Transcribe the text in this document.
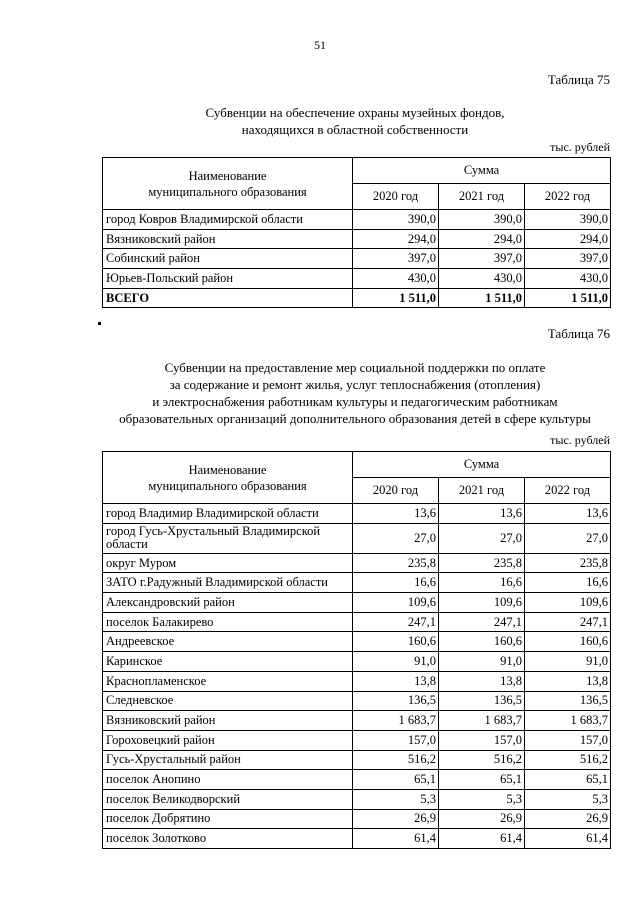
51
Таблица 75
Субвенции на обеспечение охраны музейных фондов,
находящихся в областной собственности
тыс. рублей
Наименование
муниципального образования	Сумма		
	2020 год	2021 год	2022 год
город Ковров Владимирской области	390,0	390,0	390,0
Вязниковский район	294,0	294,0	294,0
Собинский район	397,0	397,0	397,0
Юрьев-Польский район	430,0	430,0	430,0
ВСЕГО	1 511,0	1 511,0	1 511,0
Таблица 76
Субвенции на предоставление мер социальной поддержки по оплате
за содержание и ремонт жилья, услуг теплоснабжения (отопления)
и электроснабжения работникам культуры и педагогическим работникам
образовательных организаций дополнительного образования детей в сфере культуры
тыс. рублей
Наименование
муниципального образования	Сумма		
	2020 год	2021 год	2022 год
город Владимир Владимирской области	13,6	13,6	13,6
город Гусь-Хрустальный Владимирской области	27,0	27,0	27,0
округ Муром	235,8	235,8	235,8
ЗАТО г.Радужный Владимирской области	16,6	16,6	16,6
Александровский район	109,6	109,6	109,6
поселок Балакирево	247,1	247,1	247,1
Андреевское	160,6	160,6	160,6
Каринское	91,0	91,0	91,0
Краснопламенское	13,8	13,8	13,8
Следневское	136,5	136,5	136,5
Вязниковский район	1 683,7	1 683,7	1 683,7
Гороховецкий район	157,0	157,0	157,0
Гусь-Хрустальный район	516,2	516,2	516,2
поселок Анопино	65,1	65,1	65,1
поселок Великодворский	5,3	5,3	5,3
поселок Добрятино	26,9	26,9	26,9
поселок Золотково	61,4	61,4	61,4
